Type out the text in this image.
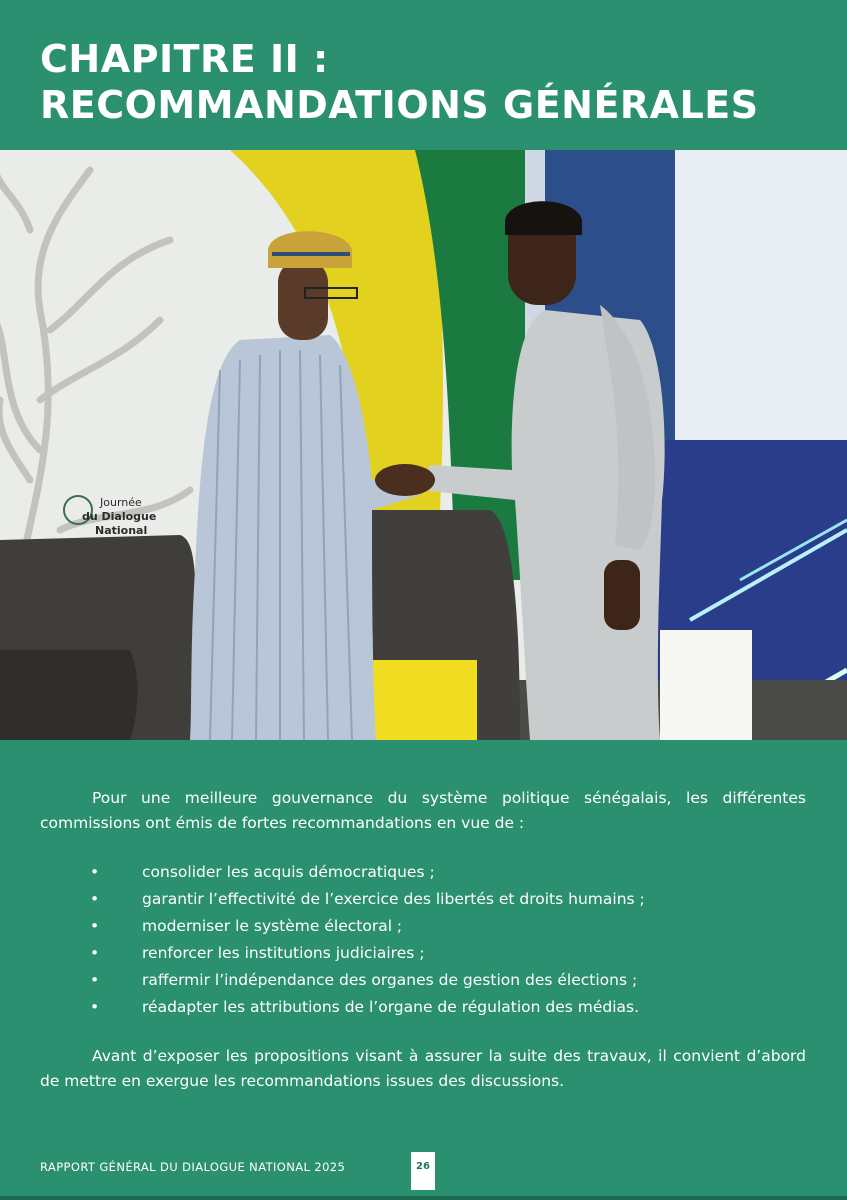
CHAPITRE II :
RECOMMANDATIONS GÉNÉRALES
Journée
du Dialogue
National

Pour une meilleure gouvernance du système politique sénégalais, les différentes commissions ont émis de fortes recommandations en vue de :

•	consolider les acquis démocratiques ;
•	garantir l’effectivité de l’exercice des libertés et droits humains ;
•	moderniser le système électoral ;
•	renforcer les institutions judiciaires ;
•	raffermir l’indépendance des organes de gestion des élections ;
•	réadapter les attributions de l’organe de régulation des médias.

Avant d’exposer les propositions visant à assurer la suite des travaux, il convient d’abord de mettre en exergue les recommandations issues des discussions.

RAPPORT GÉNÉRAL DU DIALOGUE NATIONAL 2025	26
